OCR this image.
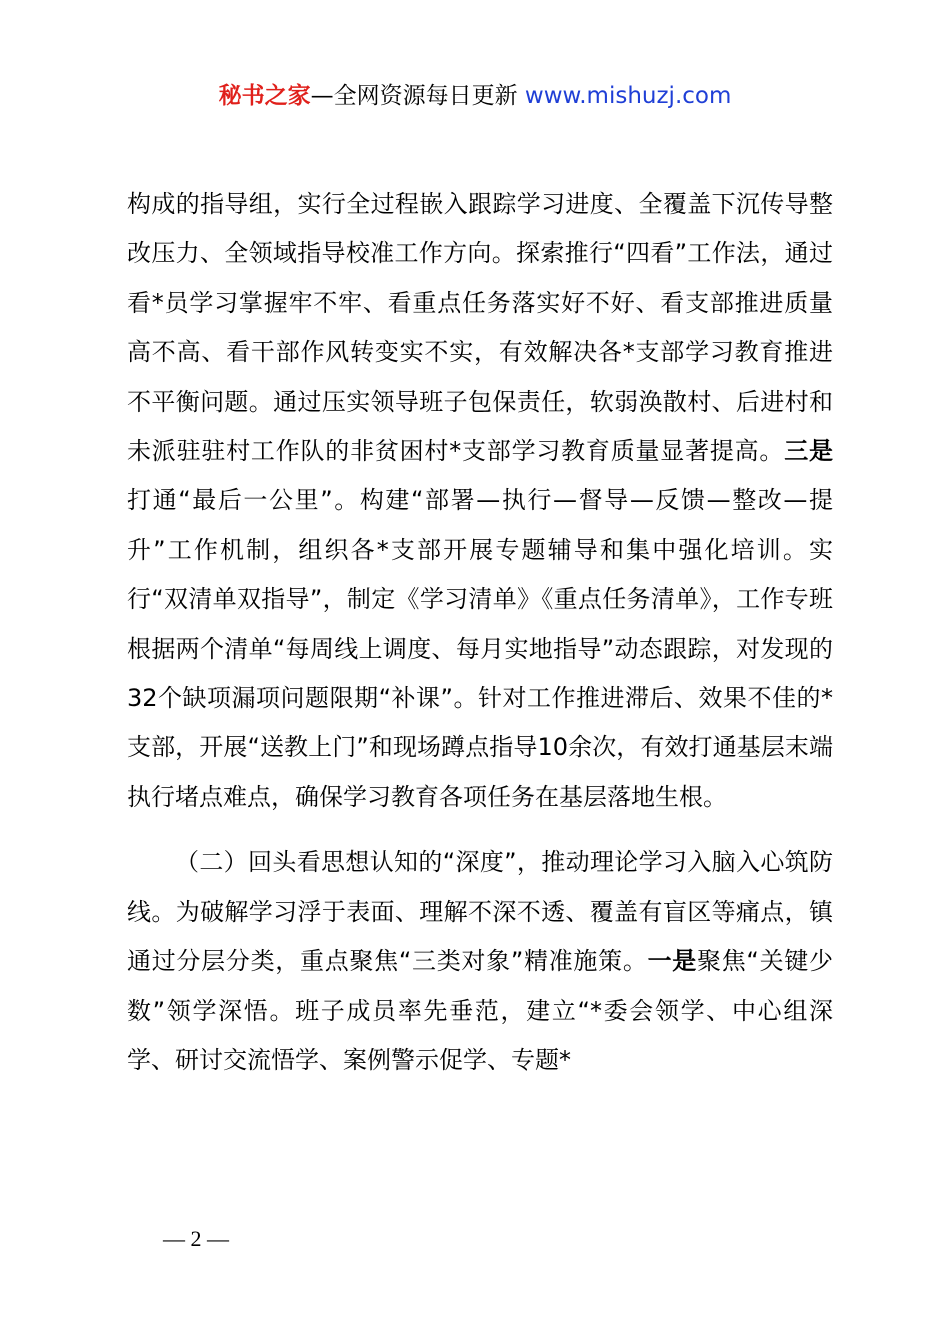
秘书之家—全网资源每日更新 www.mishuzj.com

构成的指导组，实行全过程嵌入跟踪学习进度、全覆盖下沉传导整改压力、全领域指导校准工作方向。探索推行“四看”工作法，通过看*员学习掌握牢不牢、看重点任务落实好不好、看支部推进质量高不高、看干部作风转变实不实，有效解决各*支部学习教育推进不平衡问题。通过压实领导班子包保责任，软弱涣散村、后进村和未派驻驻村工作队的非贫困村*支部学习教育质量显著提高。三是打通“最后一公里”。构建“部署—执行—督导—反馈—整改—提升”工作机制，组织各*支部开展专题辅导和集中强化培训。实行“双清单双指导”，制定《学习清单》《重点任务清单》，工作专班根据两个清单“每周线上调度、每月实地指导”动态跟踪，对发现的32个缺项漏项问题限期“补课”。针对工作推进滞后、效果不佳的*支部，开展“送教上门”和现场蹲点指导10余次，有效打通基层末端执行堵点难点，确保学习教育各项任务在基层落地生根。

（二）回头看思想认知的“深度”，推动理论学习入脑入心筑防线。为破解学习浮于表面、理解不深不透、覆盖有盲区等痛点，镇通过分层分类，重点聚焦“三类对象”精准施策。一是聚焦“关键少数”领学深悟。班子成员率先垂范，建立“*委会领学、中心组深学、研讨交流悟学、案例警示促学、专题*

— 2 —
